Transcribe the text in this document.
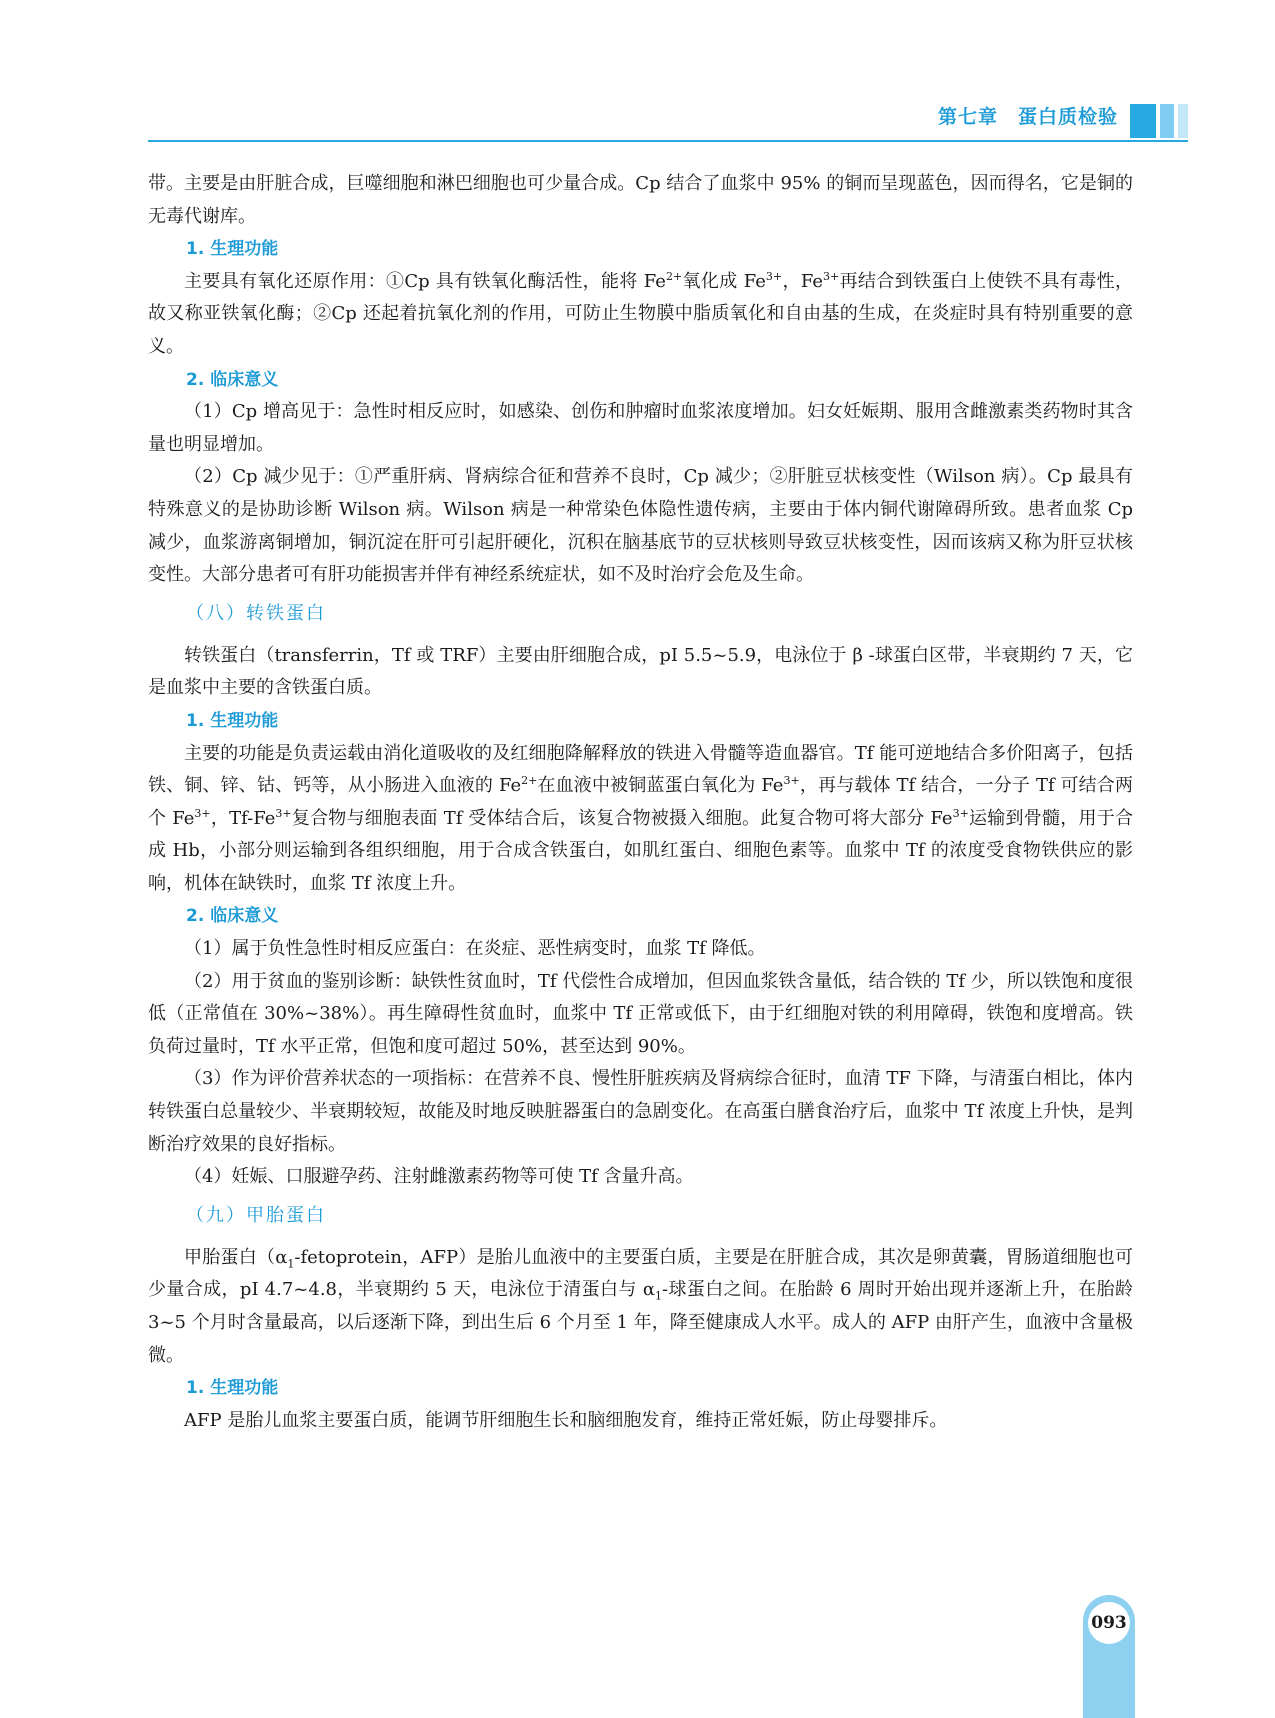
第七章　蛋白质检验

带。主要是由肝脏合成，巨噬细胞和淋巴细胞也可少量合成。Cp 结合了血浆中 95% 的铜而呈现蓝色，因而得名，它是铜的无毒代谢库。

1. 生理功能

主要具有氧化还原作用：①Cp 具有铁氧化酶活性，能将 $Fe^{2+}$氧化成 $Fe^{3+}$，$Fe^{3+}$再结合到铁蛋白上使铁不具有毒性，故又称亚铁氧化酶；②Cp 还起着抗氧化剂的作用，可防止生物膜中脂质氧化和自由基的生成，在炎症时具有特别重要的意义。

2. 临床意义

（1）Cp 增高见于：急性时相反应时，如感染、创伤和肿瘤时血浆浓度增加。妇女妊娠期、服用含雌激素类药物时其含量也明显增加。

（2）Cp 减少见于：①严重肝病、肾病综合征和营养不良时，Cp 减少；②肝脏豆状核变性（Wilson 病）。Cp 最具有特殊意义的是协助诊断 Wilson 病。Wilson 病是一种常染色体隐性遗传病，主要由于体内铜代谢障碍所致。患者血浆 Cp 减少，血浆游离铜增加，铜沉淀在肝可引起肝硬化，沉积在脑基底节的豆状核则导致豆状核变性，因而该病又称为肝豆状核变性。大部分患者可有肝功能损害并伴有神经系统症状，如不及时治疗会危及生命。

（八）转铁蛋白

转铁蛋白（transferrin，Tf 或 TRF）主要由肝细胞合成，pI 5.5~5.9，电泳位于 β -球蛋白区带，半衰期约 7 天，它是血浆中主要的含铁蛋白质。

1. 生理功能

主要的功能是负责运载由消化道吸收的及红细胞降解释放的铁进入骨髓等造血器官。Tf 能可逆地结合多价阳离子，包括铁、铜、锌、钴、钙等，从小肠进入血液的 $Fe^{2+}$在血液中被铜蓝蛋白氧化为 $Fe^{3+}$，再与载体 Tf 结合，一分子 Tf 可结合两个 $Fe^{3+}$，$Tf-Fe^{3+}$复合物与细胞表面 Tf 受体结合后，该复合物被摄入细胞。此复合物可将大部分 $Fe^{3+}$运输到骨髓，用于合成 Hb，小部分则运输到各组织细胞，用于合成含铁蛋白，如肌红蛋白、细胞色素等。血浆中 Tf 的浓度受食物铁供应的影响，机体在缺铁时，血浆 Tf 浓度上升。

2. 临床意义

（1）属于负性急性时相反应蛋白：在炎症、恶性病变时，血浆 Tf 降低。

（2）用于贫血的鉴别诊断：缺铁性贫血时，Tf 代偿性合成增加，但因血浆铁含量低，结合铁的 Tf 少，所以铁饱和度很低（正常值在 30%~38%）。再生障碍性贫血时，血浆中 Tf 正常或低下，由于红细胞对铁的利用障碍，铁饱和度增高。铁负荷过量时，Tf 水平正常，但饱和度可超过 50%，甚至达到 90%。

（3）作为评价营养状态的一项指标：在营养不良、慢性肝脏疾病及肾病综合征时，血清 TF 下降，与清蛋白相比，体内转铁蛋白总量较少、半衰期较短，故能及时地反映脏器蛋白的急剧变化。在高蛋白膳食治疗后，血浆中 Tf 浓度上升快，是判断治疗效果的良好指标。

（4）妊娠、口服避孕药、注射雌激素药物等可使 Tf 含量升高。

（九）甲胎蛋白

甲胎蛋白（$\alpha_1$-fetoprotein，AFP）是胎儿血液中的主要蛋白质，主要是在肝脏合成，其次是卵黄囊，胃肠道细胞也可少量合成，pI 4.7~4.8，半衰期约 5 天，电泳位于清蛋白与 $\alpha_1-$球蛋白之间。在胎龄 6 周时开始出现并逐渐上升，在胎龄 3~5 个月时含量最高，以后逐渐下降，到出生后 6 个月至 1 年，降至健康成人水平。成人的 AFP 由肝产生，血液中含量极微。

1. 生理功能

AFP 是胎儿血浆主要蛋白质，能调节肝细胞生长和脑细胞发育，维持正常妊娠，防止母婴排斥。

093
